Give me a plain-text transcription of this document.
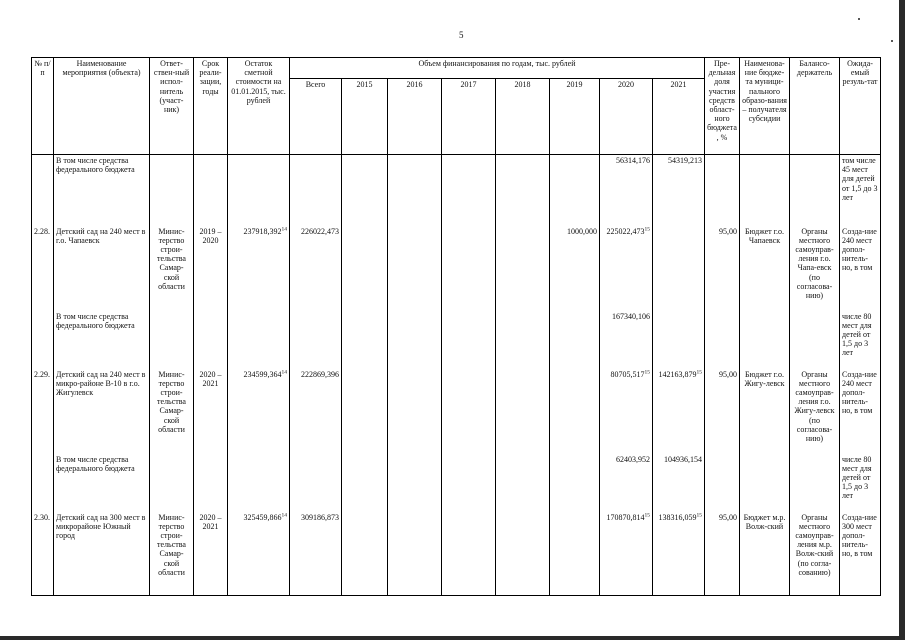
5
№ п/п	Наименование мероприятия (объекта)	Ответ-ствен-ный испол-нитель (участ-ник)	Срок реали-зации, годы	Остаток сметной стоимости на 01.01.2015, тыс. рублей	Объем финансирования по годам, тыс. рублей								Пре-дельная доля участия средств област-ного бюджета, %	Наименова-ние бюдже-та муници-пального образо-вания – получателя субсидии	Балансо-держатель	Ожида-емый резуль-тат
					Всего	2015	2016	2017	2018	2019	2020	2021				
	В том числе средства федерального бюджета										56314,176	54319,213				том числе 45 мест для детей от 1,5 до 3 лет
2.28.	Детский сад на 240 мест в г.о. Чапаевск	Минис-терство строи-тельства Самар-ской области	2019 – 2020	237918,392$^{14}$	226022,473					1000,000	225022,473$^{15}$		95,00	Бюджет г.о. Чапаевск	Органы местного самоуправ-ления г.о. Чапа-евск (по согласова-нию)	Созда-ние 240 мест допол-нитель-но, в том
	В том числе средства федерального бюджета										167340,106					числе 80 мест для детей от 1,5 до 3 лет
2.29.	Детский сад на 240 мест в микро-районе В-10 в г.о. Жигулевск	Минис-терство строи-тельства Самар-ской области	2020 – 2021	234599,364$^{14}$	222869,396						80705,517$^{15}$	142163,879$^{15}$	95,00	Бюджет г.о. Жигу-левск	Органы местного самоуправ-ления г.о. Жигу-левск (по согласова-нию)	Созда-ние 240 мест допол-нитель-но, в том
	В том числе средства федерального бюджета										62403,952	104936,154				числе 80 мест для детей от 1,5 до 3 лет
2.30.	Детский сад на 300 мест в микрорайоне Южный город	Минис-терство строи-тельства Самар-ской области	2020 – 2021	325459,866$^{14}$	309186,873						170870,814$^{15}$	138316,059$^{15}$	95,00	Бюджет м.р. Волж-ский	Органы местного самоуправ-ления м.р. Волж-ский (по согла-сованию)	Созда-ние 300 мест допол-нитель-но, в том
